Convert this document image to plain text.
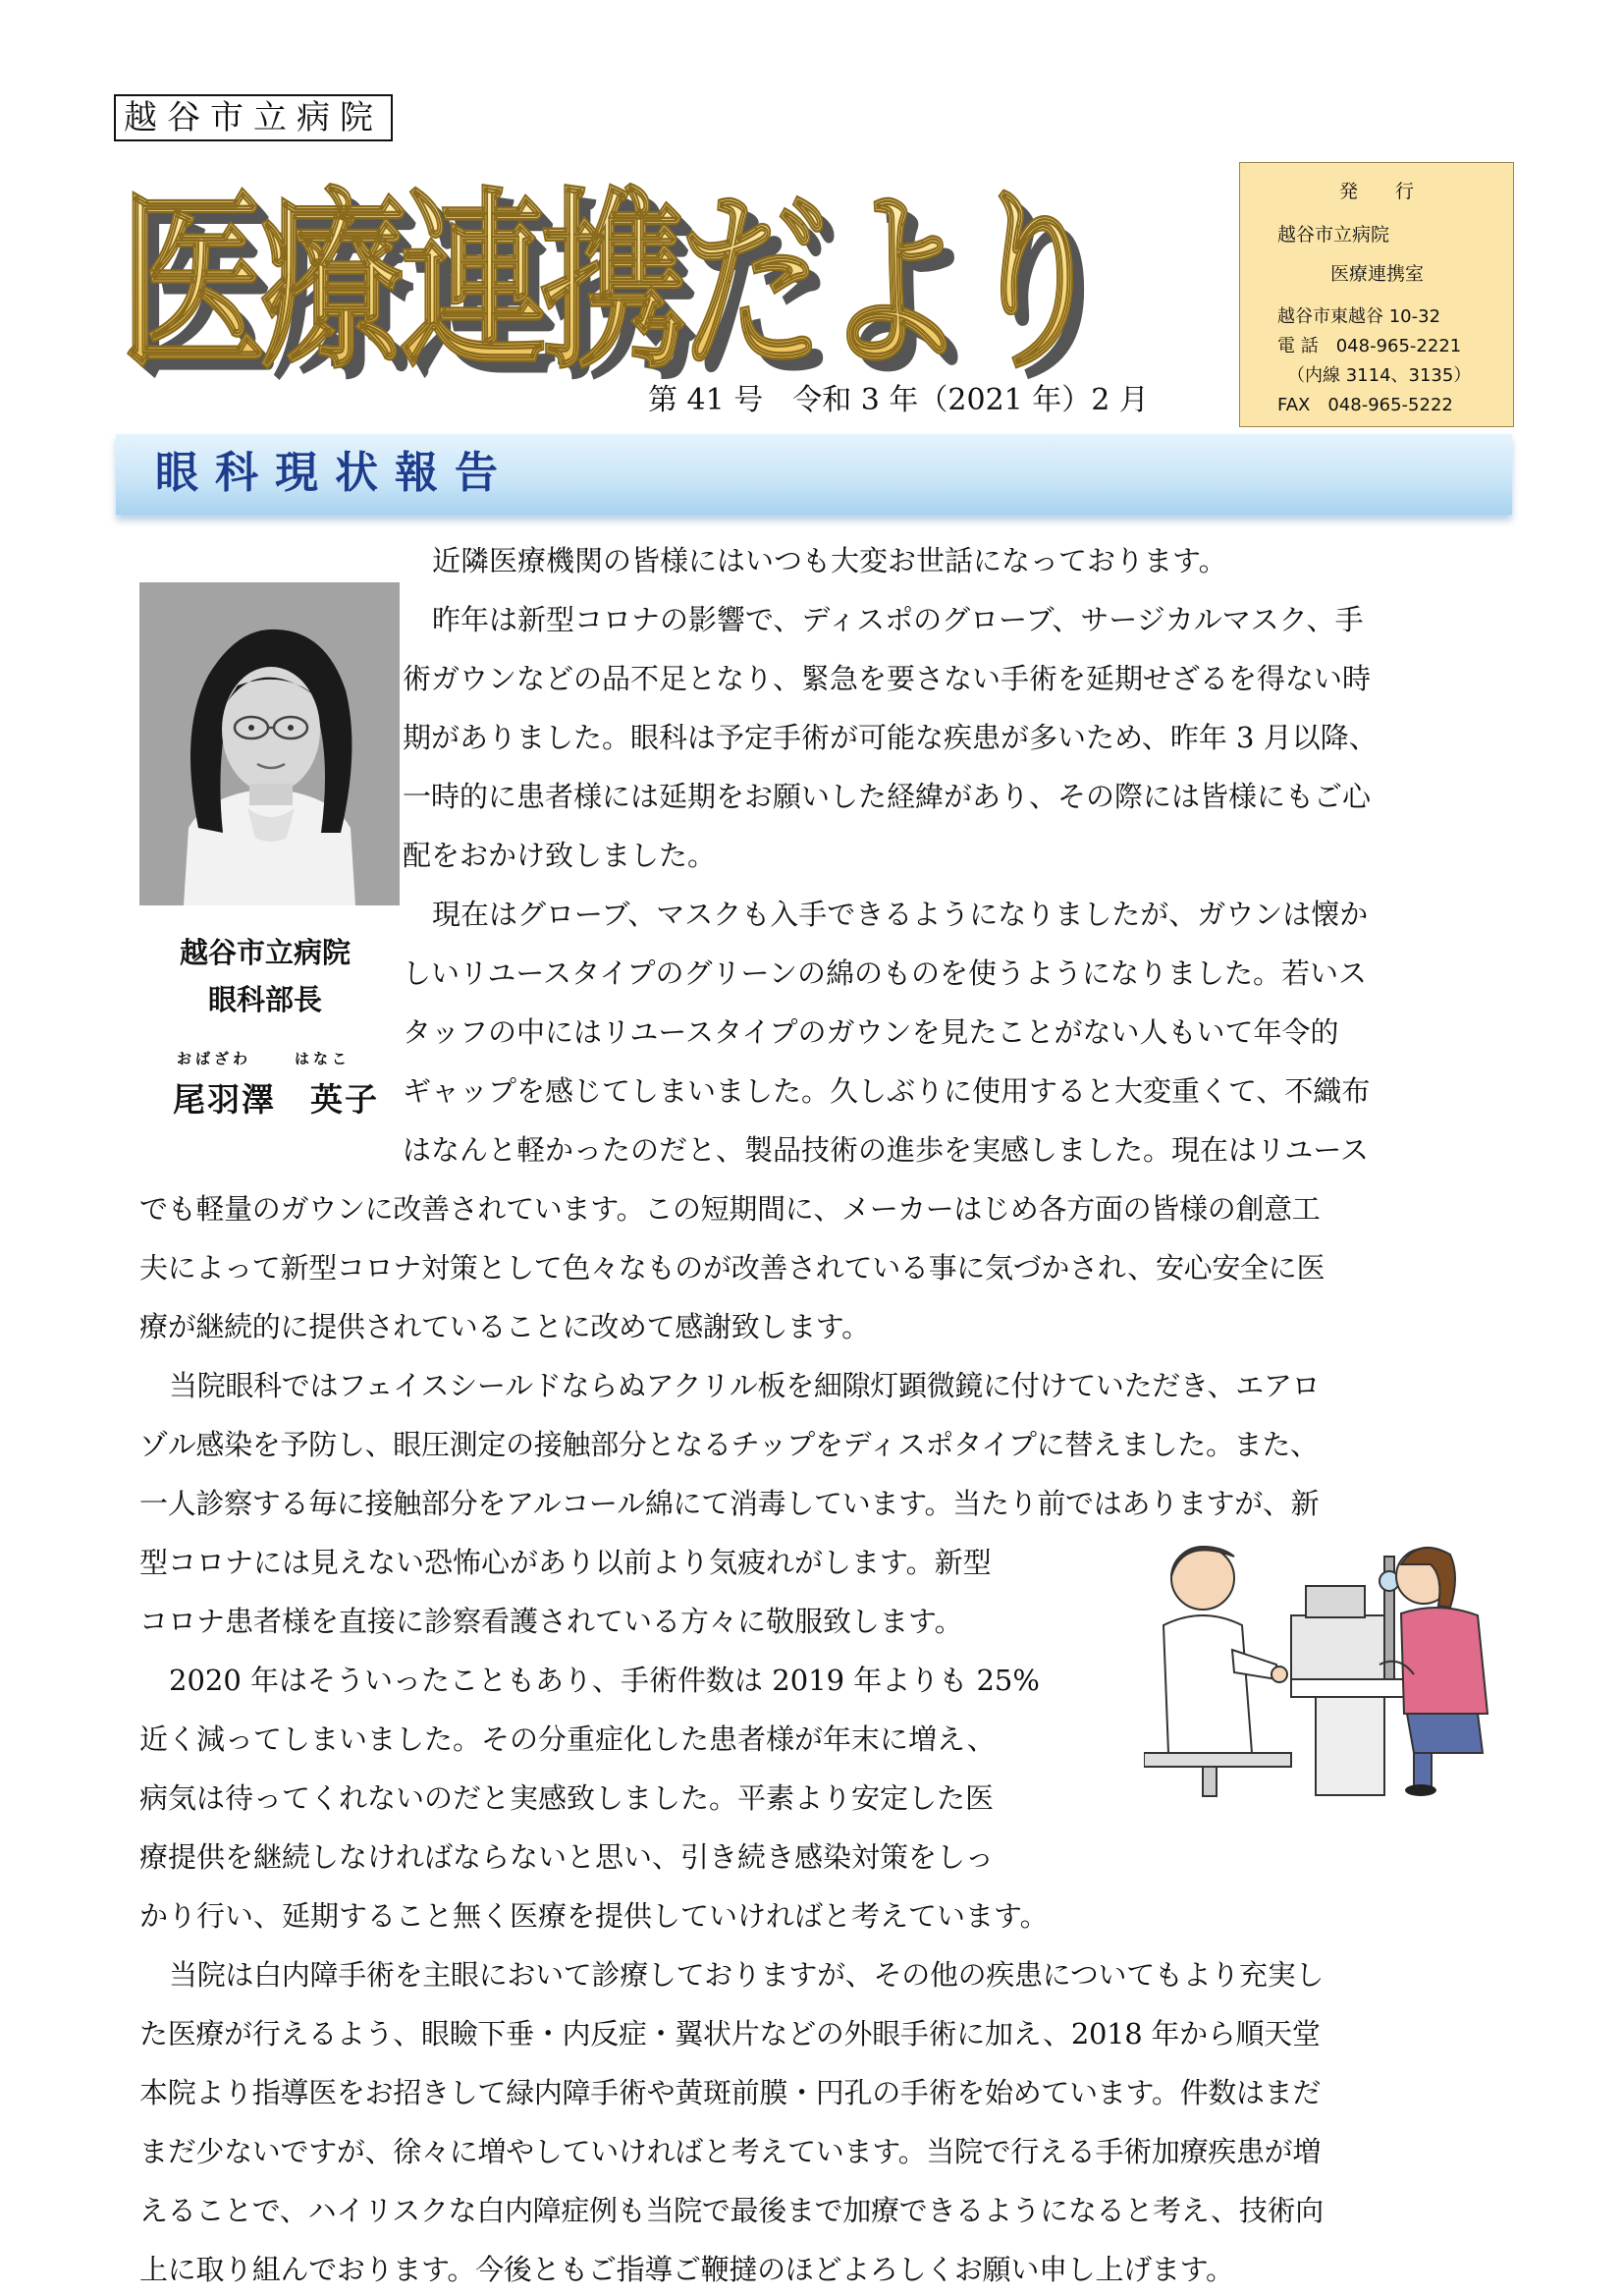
越谷市立病院
医療連携だより
医療連携だより
第 41 号　令和 3 年（2021 年）2 月
発　　行
越谷市立病院
医療連携室
越谷市東越谷 10-32
電 話　048-965-2221
（内線 3114、3135）
FAX　048-965-5222
眼科現状報告
越谷市立病院
眼科部長
おばざわ	はなこ
尾羽澤　英子
近隣医療機関の皆様にはいつも大変お世話になっております。
昨年は新型コロナの影響で、ディスポのグローブ、サージカルマスク、手
術ガウンなどの品不足となり、緊急を要さない手術を延期せざるを得ない時
期がありました。眼科は予定手術が可能な疾患が多いため、昨年 3 月以降、
一時的に患者様には延期をお願いした経緯があり、その際には皆様にもご心
配をおかけ致しました。
現在はグローブ、マスクも入手できるようになりましたが、ガウンは懐か
しいリユースタイプのグリーンの綿のものを使うようになりました。若いス
タッフの中にはリユースタイプのガウンを見たことがない人もいて年令的
ギャップを感じてしまいました。久しぶりに使用すると大変重くて、不織布
はなんと軽かったのだと、製品技術の進歩を実感しました。現在はリユース
でも軽量のガウンに改善されています。この短期間に、メーカーはじめ各方面の皆様の創意工
夫によって新型コロナ対策として色々なものが改善されている事に気づかされ、安心安全に医
療が継続的に提供されていることに改めて感謝致します。
当院眼科ではフェイスシールドならぬアクリル板を細隙灯顕微鏡に付けていただき、エアロ
ゾル感染を予防し、眼圧測定の接触部分となるチップをディスポタイプに替えました。また、
一人診察する毎に接触部分をアルコール綿にて消毒しています。当たり前ではありますが、新
型コロナには見えない恐怖心があり以前より気疲れがします。新型
コロナ患者様を直接に診察看護されている方々に敬服致します。
2020 年はそういったこともあり、手術件数は 2019 年よりも 25%
近く減ってしまいました。その分重症化した患者様が年末に増え、
病気は待ってくれないのだと実感致しました。平素より安定した医
療提供を継続しなければならないと思い、引き続き感染対策をしっ
かり行い、延期すること無く医療を提供していければと考えています。
当院は白内障手術を主眼において診療しておりますが、その他の疾患についてもより充実し
た医療が行えるよう、眼瞼下垂・内反症・翼状片などの外眼手術に加え、2018 年から順天堂
本院より指導医をお招きして緑内障手術や黄斑前膜・円孔の手術を始めています。件数はまだ
まだ少ないですが、徐々に増やしていければと考えています。当院で行える手術加療疾患が増
えることで、ハイリスクな白内障症例も当院で最後まで加療できるようになると考え、技術向
上に取り組んでおります。今後ともご指導ご鞭撻のほどよろしくお願い申し上げます。
